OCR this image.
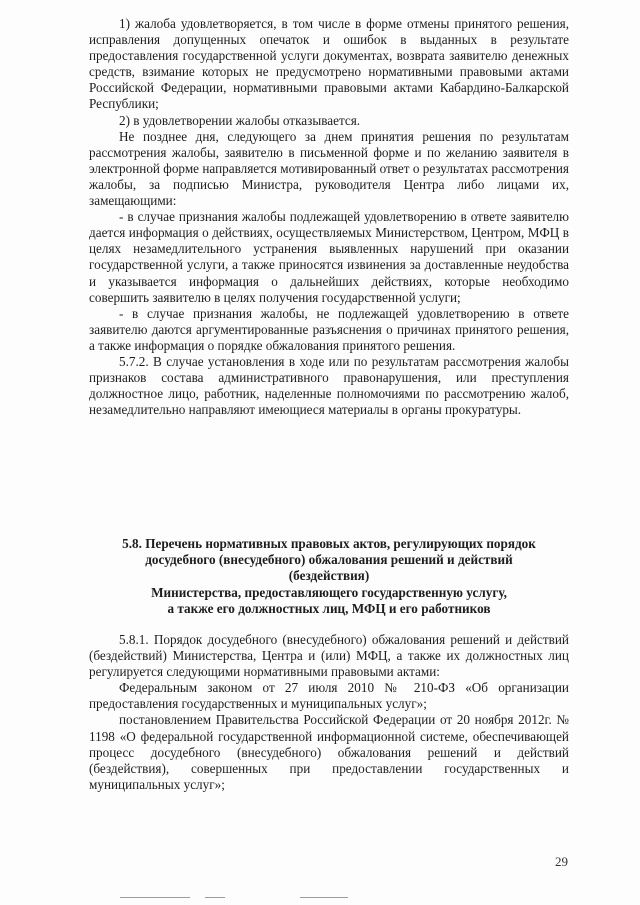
1) жалоба удовлетворяется, в том числе в форме отмены принятого решения, исправления допущенных опечаток и ошибок в выданных в результате предоставления государственной услуги документах, возврата заявителю денежных средств, взимание которых не предусмотрено нормативными правовыми актами Российской Федерации, нормативными правовыми актами Кабардино-Балкарской Республики;

2) в удовлетворении жалобы отказывается.

Не позднее дня, следующего за днем принятия решения по результатам рассмотрения жалобы, заявителю в письменной форме и по желанию заявителя в электронной форме направляется мотивированный ответ о результатах рассмотрения жалобы, за подписью Министра, руководителя Центра либо лицами их, замещающими:

- в случае признания жалобы подлежащей удовлетворению в ответе заявителю дается информация о действиях, осуществляемых Министерством, Центром, МФЦ в целях незамедлительного устранения выявленных нарушений при оказании государственной услуги, а также приносятся извинения за доставленные неудобства и указывается информация о дальнейших действиях, которые необходимо совершить заявителю в целях получения государственной услуги;

- в случае признания жалобы, не подлежащей удовлетворению в ответе заявителю даются аргументированные разъяснения о причинах принятого решения, а также информация о порядке обжалования принятого решения.

5.7.2. В случае установления в ходе или по результатам рассмотрения жалобы признаков состава административного правонарушения, или преступления должностное лицо, работник, наделенные полномочиями по рассмотрению жалоб, незамедлительно направляют имеющиеся материалы в органы прокуратуры.

5.8. Перечень нормативных правовых актов, регулирующих порядок
досудебного (внесудебного) обжалования решений и действий
(бездействия)
Министерства, предоставляющего государственную услугу,
а также его должностных лиц, МФЦ и его работников

5.8.1. Порядок досудебного (внесудебного) обжалования решений и действий (бездействий) Министерства, Центра и (или) МФЦ, а также их должностных лиц регулируется следующими нормативными правовыми актами:

Федеральным законом от 27 июля 2010 № 210-ФЗ «Об организации предоставления государственных и муниципальных услуг»;

постановлением Правительства Российской Федерации от 20 ноября 2012г. № 1198 «О федеральной государственной информационной системе, обеспечивающей процесс досудебного (внесудебного) обжалования решений и действий (бездействия), совершенных при предоставлении государственных и муниципальных услуг»;

29
